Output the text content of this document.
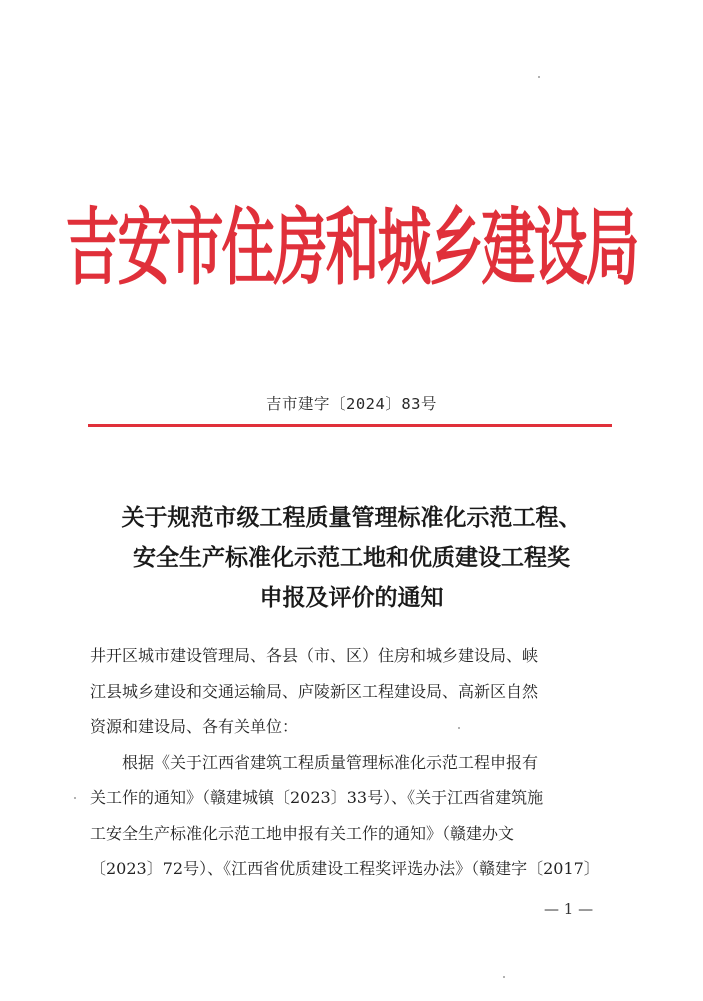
吉安市住房和城乡建设局
吉市建字〔2024〕83号
关于规范市级工程质量管理标准化示范工程、
安全生产标准化示范工地和优质建设工程奖
申报及评价的通知
井开区城市建设管理局、各县（市、区）住房和城乡建设局、峡
江县城乡建设和交通运输局、庐陵新区工程建设局、高新区自然
资源和建设局、各有关单位：
　　根据《关于江西省建筑工程质量管理标准化示范工程申报有
关工作的通知》（赣建城镇〔2023〕33号）、《关于江西省建筑施
工安全生产标准化示范工地申报有关工作的通知》（赣建办文
〔2023〕72号）、《江西省优质建设工程奖评选办法》（赣建字〔2017〕
— 1 —
